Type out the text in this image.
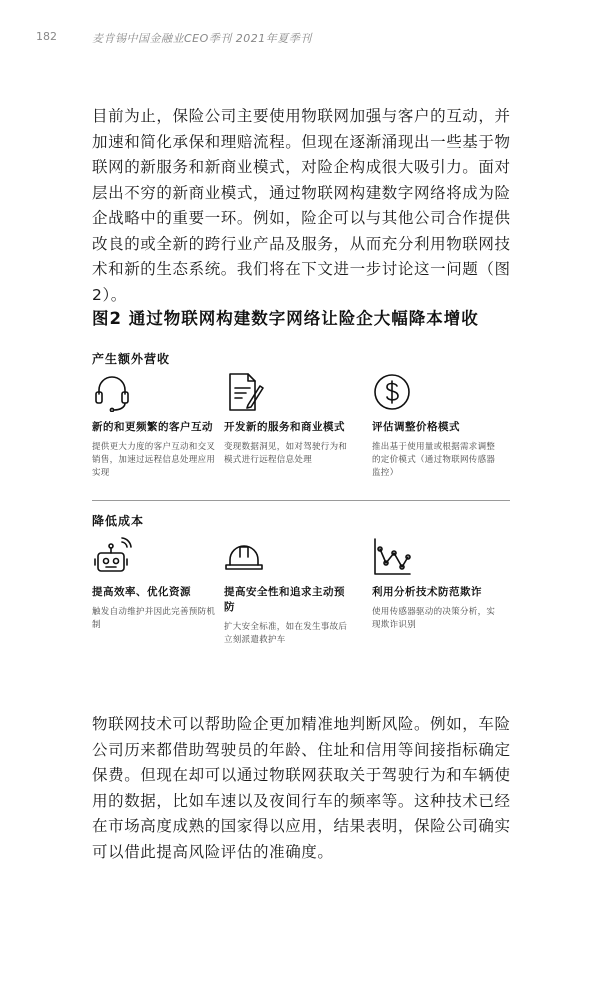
182	麦肯锡中国金融业CEO季刊 2021年夏季刊
目前为止，保险公司主要使用物联网加强与客户的互动，并加速和简化承保和理赔流程。但现在逐渐涌现出一些基于物联网的新服务和新商业模式，对险企构成很大吸引力。面对层出不穷的新商业模式，通过物联网构建数字网络将成为险企战略中的重要一环。例如，险企可以与其他公司合作提供改良的或全新的跨行业产品及服务，从而充分利用物联网技术和新的生态系统。我们将在下文进一步讨论这一问题（图2）。
图2 通过物联网构建数字网络让险企大幅降本增收
产生额外营收
新的和更频繁的客户互动
提供更大力度的客户互动和交叉销售，加速过远程信息处理应用实现
开发新的服务和商业模式
变现数据洞见，如对驾驶行为和模式进行远程信息处理
评估调整价格模式
推出基于使用量或根据需求调整的定价模式（通过物联网传感器监控）
降低成本
提高效率、优化资源
触发自动维护并因此完善预防机制
提高安全性和追求主动预防
扩大安全标准，如在发生事故后立刻派遣救护车
利用分析技术防范欺诈
使用传感器驱动的决策分析，实现欺诈识别
物联网技术可以帮助险企更加精准地判断风险。例如，车险公司历来都借助驾驶员的年龄、住址和信用等间接指标确定保费。但现在却可以通过物联网获取关于驾驶行为和车辆使用的数据，比如车速以及夜间行车的频率等。这种技术已经在市场高度成熟的国家得以应用，结果表明，保险公司确实可以借此提高风险评估的准确度。
